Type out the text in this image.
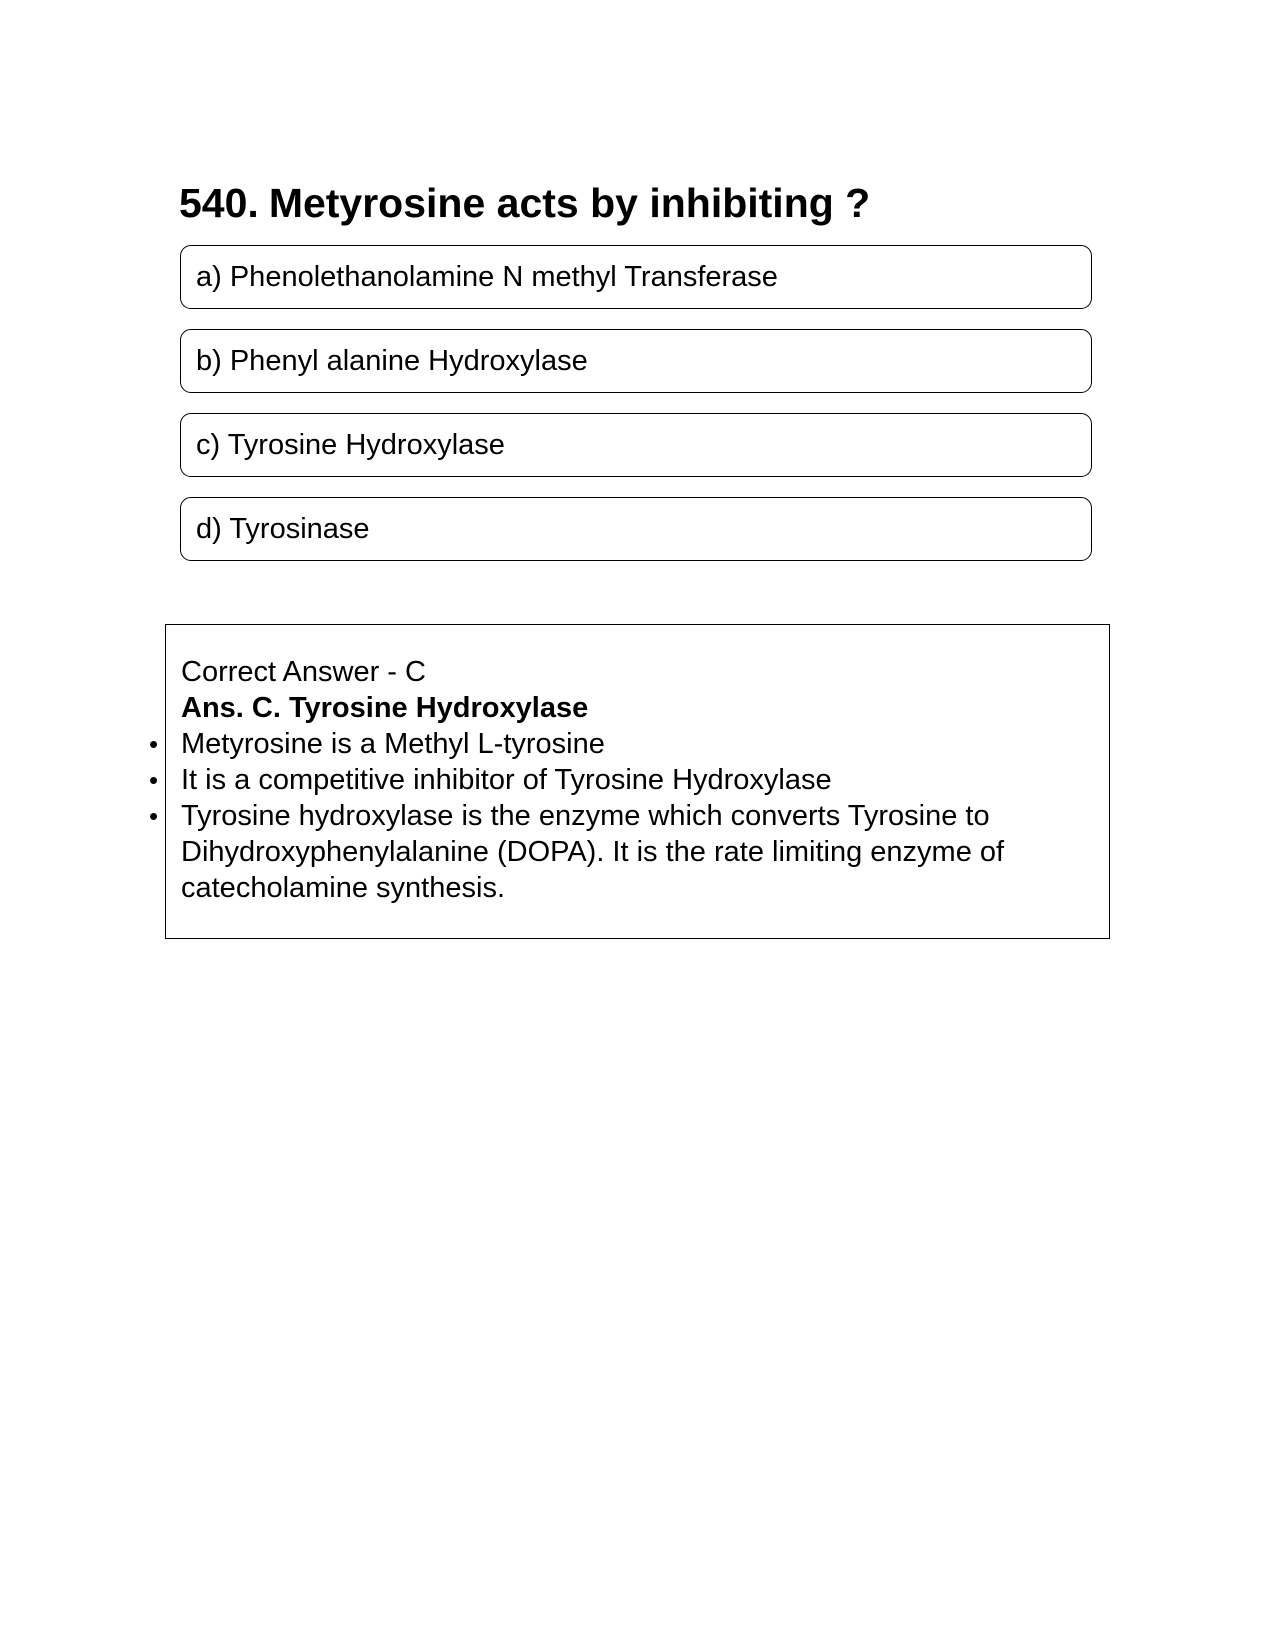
540. Metyrosine acts by inhibiting ?
a) Phenolethanolamine N methyl Transferase
b) Phenyl alanine Hydroxylase
c) Tyrosine Hydroxylase
d) Tyrosinase

Correct Answer - C

Ans. C. Tyrosine Hydroxylase

• Metyrosine is a Methyl L-tyrosine
• It is a competitive inhibitor of Tyrosine Hydroxylase
• Tyrosine hydroxylase is the enzyme which converts Tyrosine to Dihydroxyphenylalanine (DOPA). It is the rate limiting enzyme of catecholamine synthesis.
